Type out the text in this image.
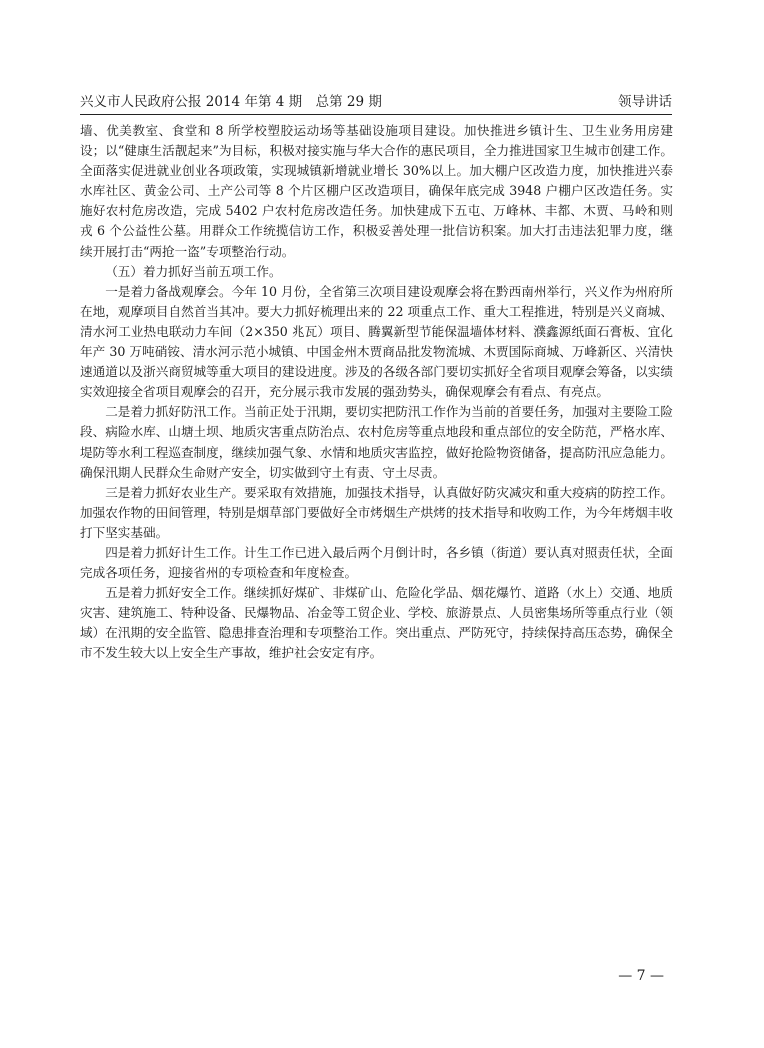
兴义市人民政府公报 2014 年第 4 期　总第 29 期	领导讲话

墙、优美教室、食堂和 8 所学校塑胶运动场等基础设施项目建设。加快推进乡镇计生、卫生业务用房建设；以“健康生活靓起来”为目标，积极对接实施与华大合作的惠民项目，全力推进国家卫生城市创建工作。全面落实促进就业创业各项政策，实现城镇新增就业增长 30%以上。加大棚户区改造力度，加快推进兴泰水库社区、黄金公司、土产公司等 8 个片区棚户区改造项目，确保年底完成 3948 户棚户区改造任务。实施好农村危房改造，完成 5402 户农村危房改造任务。加快建成下五屯、万峰林、丰都、木贾、马岭和则戎 6 个公益性公墓。用群众工作统揽信访工作，积极妥善处理一批信访积案。加大打击违法犯罪力度，继续开展打击“两抢一盗”专项整治行动。

（五）着力抓好当前五项工作。

一是着力备战观摩会。今年 10 月份，全省第三次项目建设观摩会将在黔西南州举行，兴义作为州府所在地，观摩项目自然首当其冲。要大力抓好梳理出来的 22 项重点工作、重大工程推进，特别是兴义商城、清水河工业热电联动力车间（2×350 兆瓦）项目、腾翼新型节能保温墙体材料、濮鑫源纸面石膏板、宜化年产 30 万吨硝铵、清水河示范小城镇、中国金州木贾商品批发物流城、木贾国际商城、万峰新区、兴清快速通道以及浙兴商贸城等重大项目的建设进度。涉及的各级各部门要切实抓好全省项目观摩会筹备，以实绩实效迎接全省项目观摩会的召开，充分展示我市发展的强劲势头，确保观摩会有看点、有亮点。

二是着力抓好防汛工作。当前正处于汛期，要切实把防汛工作作为当前的首要任务，加强对主要险工险段、病险水库、山塘土坝、地质灾害重点防治点、农村危房等重点地段和重点部位的安全防范，严格水库、堤防等水利工程巡查制度，继续加强气象、水情和地质灾害监控，做好抢险物资储备，提高防汛应急能力。确保汛期人民群众生命财产安全，切实做到守土有责、守土尽责。

三是着力抓好农业生产。要采取有效措施，加强技术指导，认真做好防灾减灾和重大疫病的防控工作。加强农作物的田间管理，特别是烟草部门要做好全市烤烟生产烘烤的技术指导和收购工作，为今年烤烟丰收打下坚实基础。

四是着力抓好计生工作。计生工作已进入最后两个月倒计时，各乡镇（街道）要认真对照责任状，全面完成各项任务，迎接省州的专项检查和年度检查。

五是着力抓好安全工作。继续抓好煤矿、非煤矿山、危险化学品、烟花爆竹、道路（水上）交通、地质灾害、建筑施工、特种设备、民爆物品、冶金等工贸企业、学校、旅游景点、人员密集场所等重点行业（领域）在汛期的安全监管、隐患排查治理和专项整治工作。突出重点、严防死守，持续保持高压态势，确保全市不发生较大以上安全生产事故，维护社会安定有序。

— 7 —
